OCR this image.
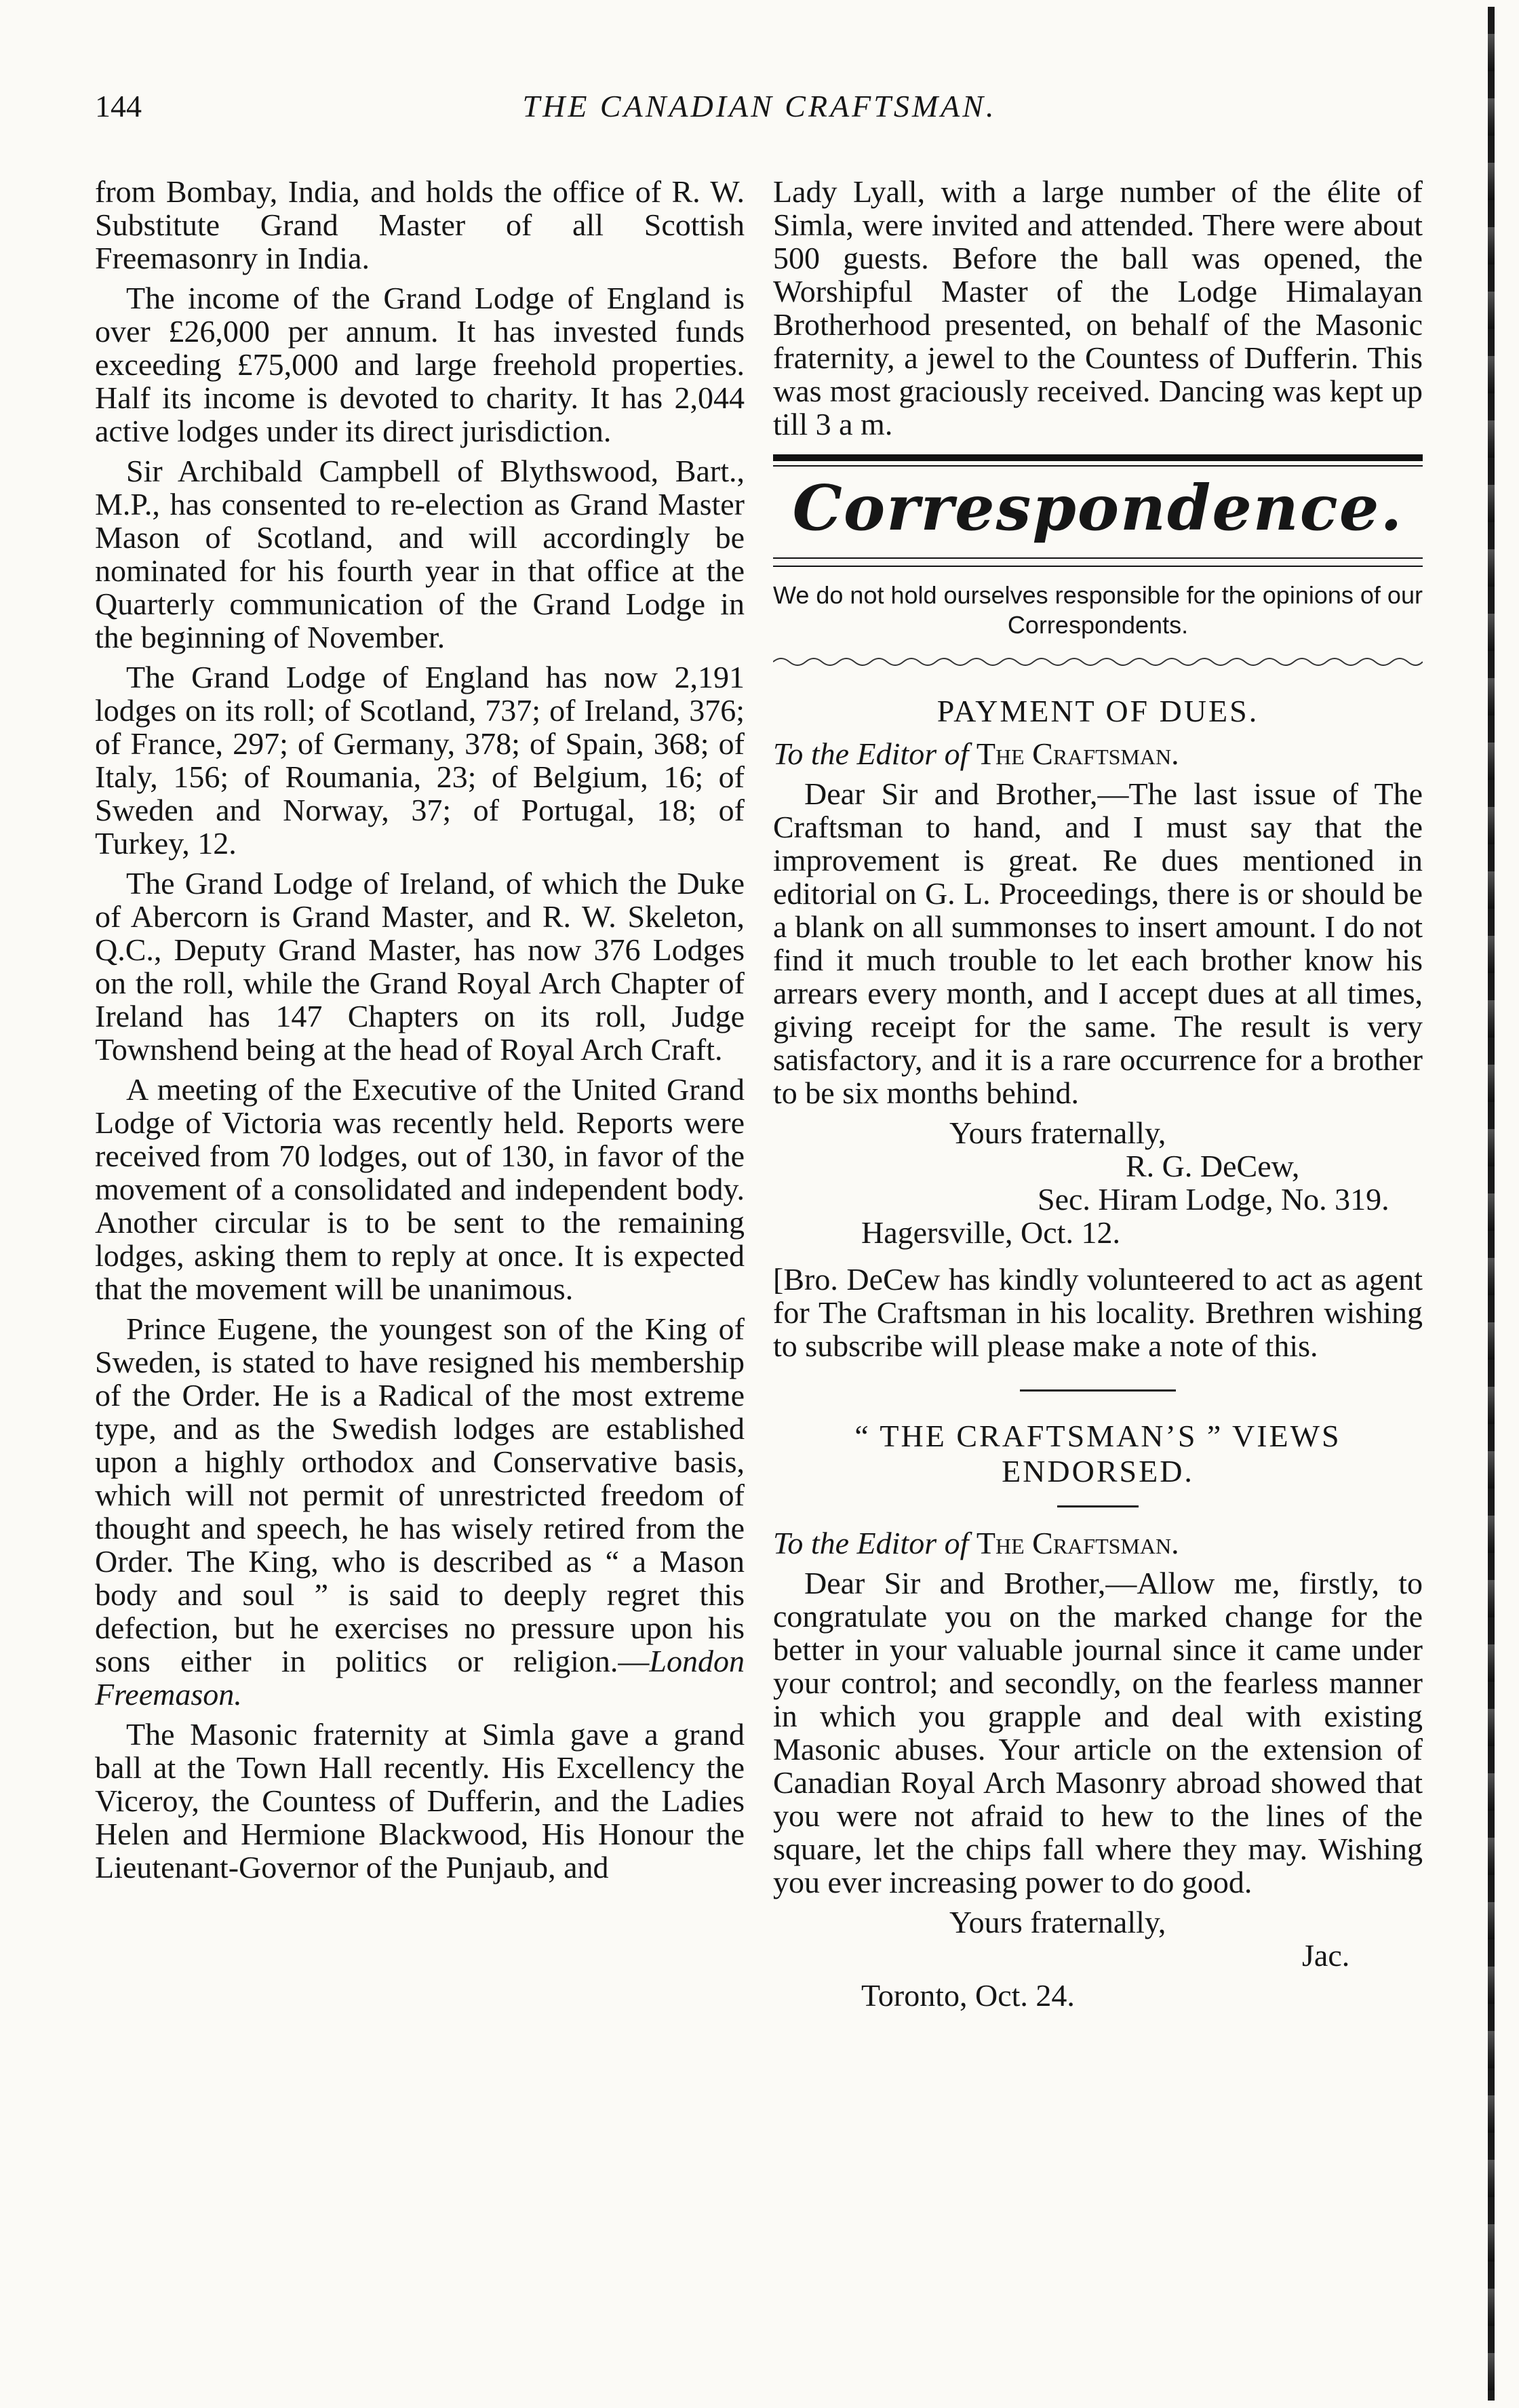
144	THE CANADIAN CRAFTSMAN.

from Bombay, India, and holds the office of R. W. Substitute Grand Master of all Scottish Freemasonry in India.

The income of the Grand Lodge of England is over £26,000 per annum. It has invested funds exceeding £75,000 and large freehold properties. Half its income is devoted to charity. It has 2,044 active lodges under its direct jurisdiction.

Sir Archibald Campbell of Blythswood, Bart., M.P., has consented to re-election as Grand Master Mason of Scotland, and will accordingly be nominated for his fourth year in that office at the Quarterly communication of the Grand Lodge in the beginning of November.

The Grand Lodge of England has now 2,191 lodges on its roll; of Scotland, 737; of Ireland, 376; of France, 297; of Germany, 378; of Spain, 368; of Italy, 156; of Roumania, 23; of Belgium, 16; of Sweden and Norway, 37; of Portugal, 18; of Turkey, 12.

The Grand Lodge of Ireland, of which the Duke of Abercorn is Grand Master, and R. W. Skeleton, Q.C., Deputy Grand Master, has now 376 Lodges on the roll, while the Grand Royal Arch Chapter of Ireland has 147 Chapters on its roll, Judge Townshend being at the head of Royal Arch Craft.

A meeting of the Executive of the United Grand Lodge of Victoria was recently held. Reports were received from 70 lodges, out of 130, in favor of the movement of a consolidated and independent body. Another circular is to be sent to the remaining lodges, asking them to reply at once. It is expected that the movement will be unanimous.

Prince Eugene, the youngest son of the King of Sweden, is stated to have resigned his membership of the Order. He is a Radical of the most extreme type, and as the Swedish lodges are established upon a highly orthodox and Conservative basis, which will not permit of unrestricted freedom of thought and speech, he has wisely retired from the Order. The King, who is described as “ a Mason body and soul ” is said to deeply regret this defection, but he exercises no pressure upon his sons either in politics or religion.—London Freemason.

The Masonic fraternity at Simla gave a grand ball at the Town Hall recently. His Excellency the Viceroy, the Countess of Dufferin, and the Ladies Helen and Hermione Blackwood, His Honour the Lieutenant-Governor of the Punjaub, and

Lady Lyall, with a large number of the élite of Simla, were invited and attended. There were about 500 guests. Before the ball was opened, the Worshipful Master of the Lodge Himalayan Brotherhood presented, on behalf of the Masonic fraternity, a jewel to the Countess of Dufferin. This was most graciously received. Dancing was kept up till 3 a m.

Correspondence.

We do not hold ourselves responsible for the opinions of our Correspondents.

PAYMENT OF DUES.

To the Editor of The Craftsman.

Dear Sir and Brother,—The last issue of The Craftsman to hand, and I must say that the improvement is great. Re dues mentioned in editorial on G. L. Proceedings, there is or should be a blank on all summonses to insert amount. I do not find it much trouble to let each brother know his arrears every month, and I accept dues at all times, giving receipt for the same. The result is very satisfactory, and it is a rare occurrence for a brother to be six months behind.

Yours fraternally,
R. G. DeCew,
Sec. Hiram Lodge, No. 319.
Hagersville, Oct. 12.

[Bro. DeCew has kindly volunteered to act as agent for The Craftsman in his locality. Brethren wishing to subscribe will please make a note of this.

“ THE CRAFTSMAN’S ” VIEWS ENDORSED.

To the Editor of The Craftsman.

Dear Sir and Brother,—Allow me, firstly, to congratulate you on the marked change for the better in your valuable journal since it came under your control; and secondly, on the fearless manner in which you grapple and deal with existing Masonic abuses. Your article on the extension of Canadian Royal Arch Masonry abroad showed that you were not afraid to hew to the lines of the square, let the chips fall where they may. Wishing you ever increasing power to do good.

Yours fraternally,
Jac.
Toronto, Oct. 24.
